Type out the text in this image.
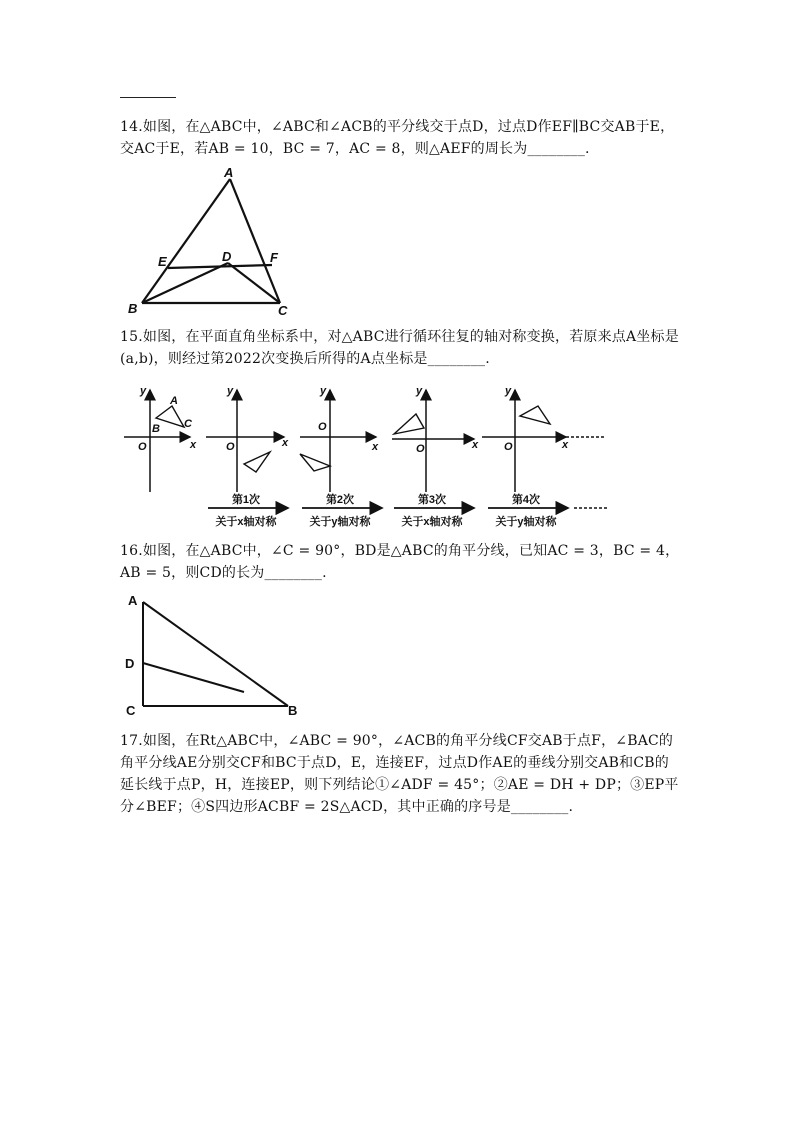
14.如图，在△ABC中，∠ABC和∠ACB的平分线交于点D，过点D作EF∥BC交AB于E，交AC于E，若AB = 10，BC = 7，AC = 8，则△AEF的周长为________.
A
E	D	F
B	C
15.如图，在平面直角坐标系中，对△ABC进行循环往复的轴对称变换，若原来点A坐标是(a,b)，则经过第2022次变换后所得的A点坐标是________.
A
B C
y
x
O
y
x
O
y
x
O
y
x
O
y
x
O
第1次
关于x轴对称
第2次
关于y轴对称
第3次
关于x轴对称
第4次
关于y轴对称
16.如图，在△ABC中，∠C = 90°，BD是△ABC的角平分线，已知AC = 3，BC = 4，AB = 5，则CD的长为________.
A
D
C	B
17.如图，在Rt△ABC中，∠ABC = 90°，∠ACB的角平分线CF交AB于点F，∠BAC的角平分线AE分别交CF和BC于点D，E，连接EF，过点D作AE的垂线分别交AB和CB的延长线于点P，H，连接EP，则下列结论①∠ADF = 45°；②AE = DH + DP；③EP平分∠BEF；④S四边形ACBF = 2S△ACD，其中正确的序号是________.
